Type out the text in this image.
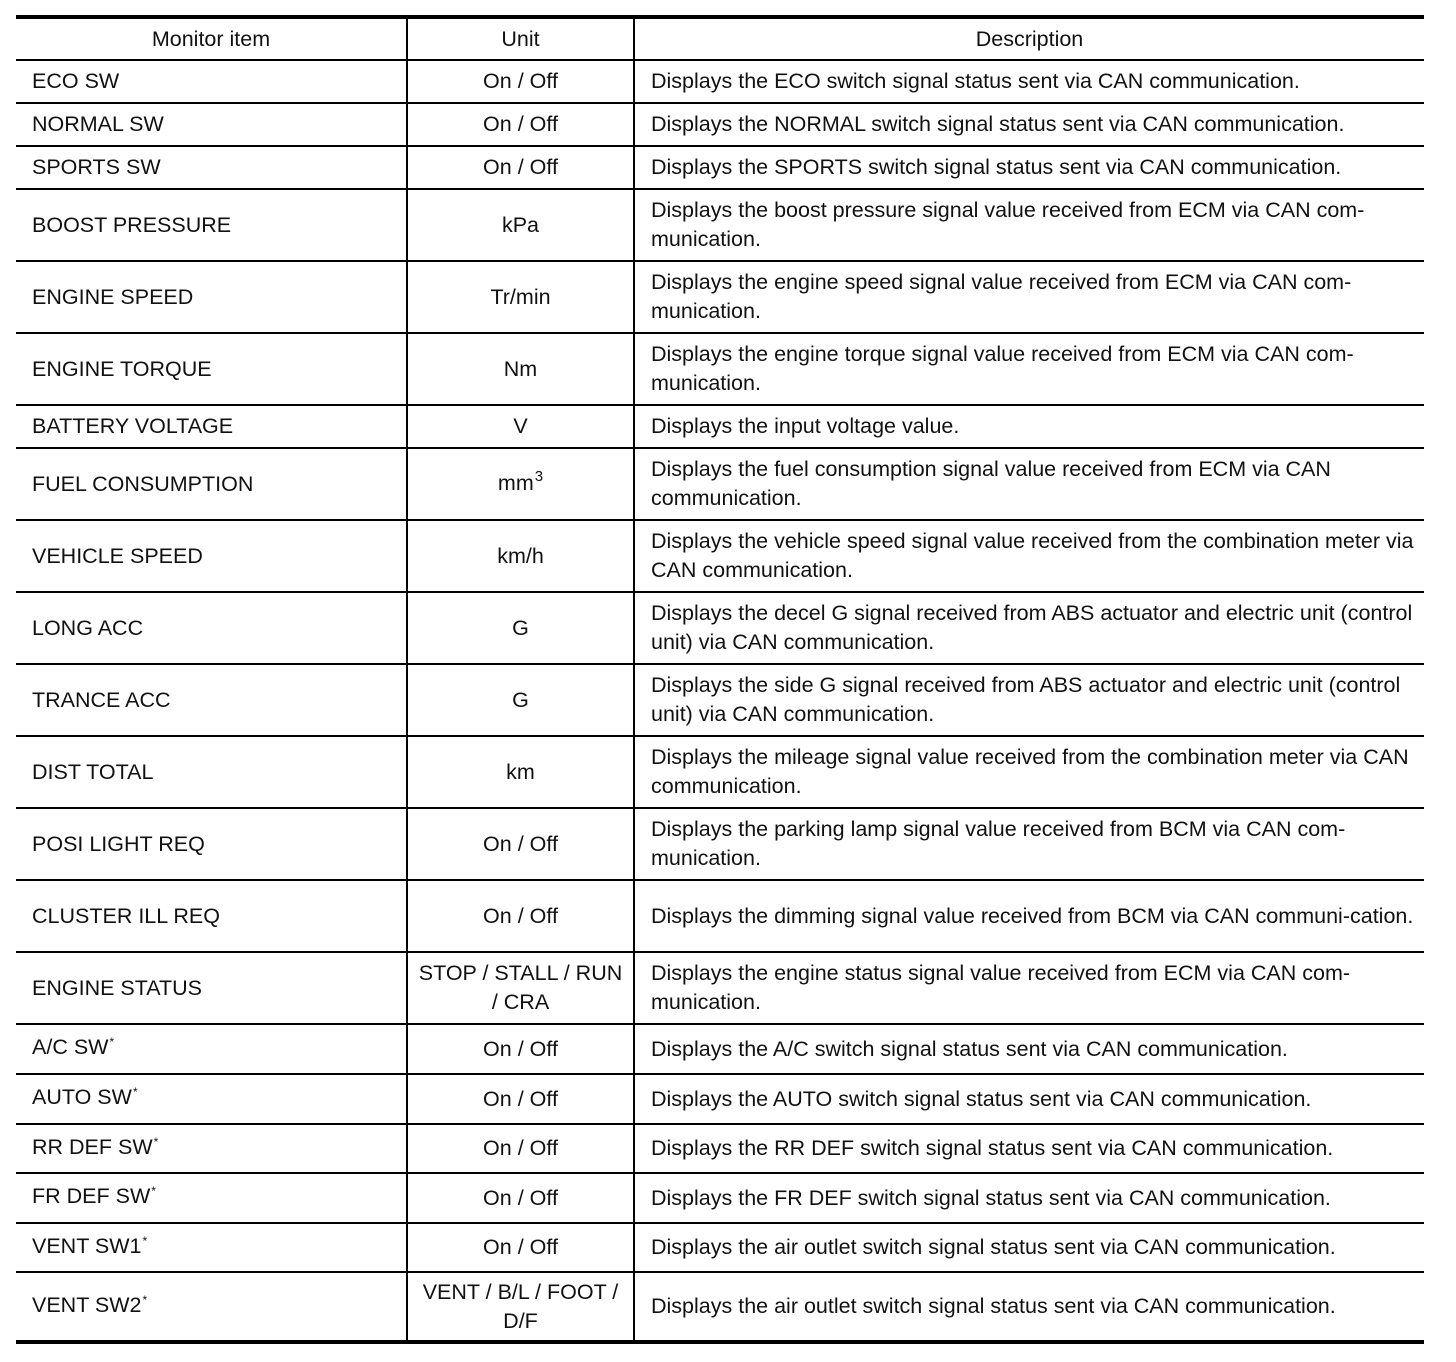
Monitor item	Unit	Description
ECO SW	On / Off	Displays the ECO switch signal status sent via CAN communication.
NORMAL SW	On / Off	Displays the NORMAL switch signal status sent via CAN communication.
SPORTS SW	On / Off	Displays the SPORTS switch signal status sent via CAN communication.
BOOST PRESSURE	kPa	Displays the boost pressure signal value received from ECM via CAN com-munication.
ENGINE SPEED	Tr/min	Displays the engine speed signal value received from ECM via CAN com-munication.
ENGINE TORQUE	Nm	Displays the engine torque signal value received from ECM via CAN com-munication.
BATTERY VOLTAGE	V	Displays the input voltage value.
FUEL CONSUMPTION	$mm^3$	Displays the fuel consumption signal value received from ECM via CAN communication.
VEHICLE SPEED	km/h	Displays the vehicle speed signal value received from the combination meter via CAN communication.
LONG ACC	G	Displays the decel G signal received from ABS actuator and electric unit (control unit) via CAN communication.
TRANCE ACC	G	Displays the side G signal received from ABS actuator and electric unit (control unit) via CAN communication.
DIST TOTAL	km	Displays the mileage signal value received from the combination meter via CAN communication.
POSI LIGHT REQ	On / Off	Displays the parking lamp signal value received from BCM via CAN com-munication.
CLUSTER ILL REQ	On / Off	Displays the dimming signal value received from BCM via CAN communi-cation.
ENGINE STATUS	STOP / STALL / RUN / CRA	Displays the engine status signal value received from ECM via CAN com-munication.
A/C SW*	On / Off	Displays the A/C switch signal status sent via CAN communication.
AUTO SW*	On / Off	Displays the AUTO switch signal status sent via CAN communication.
RR DEF SW*	On / Off	Displays the RR DEF switch signal status sent via CAN communication.
FR DEF SW*	On / Off	Displays the FR DEF switch signal status sent via CAN communication.
VENT SW1*	On / Off	Displays the air outlet switch signal status sent via CAN communication.
VENT SW2*	VENT / B/L / FOOT / D/F	Displays the air outlet switch signal status sent via CAN communication.
